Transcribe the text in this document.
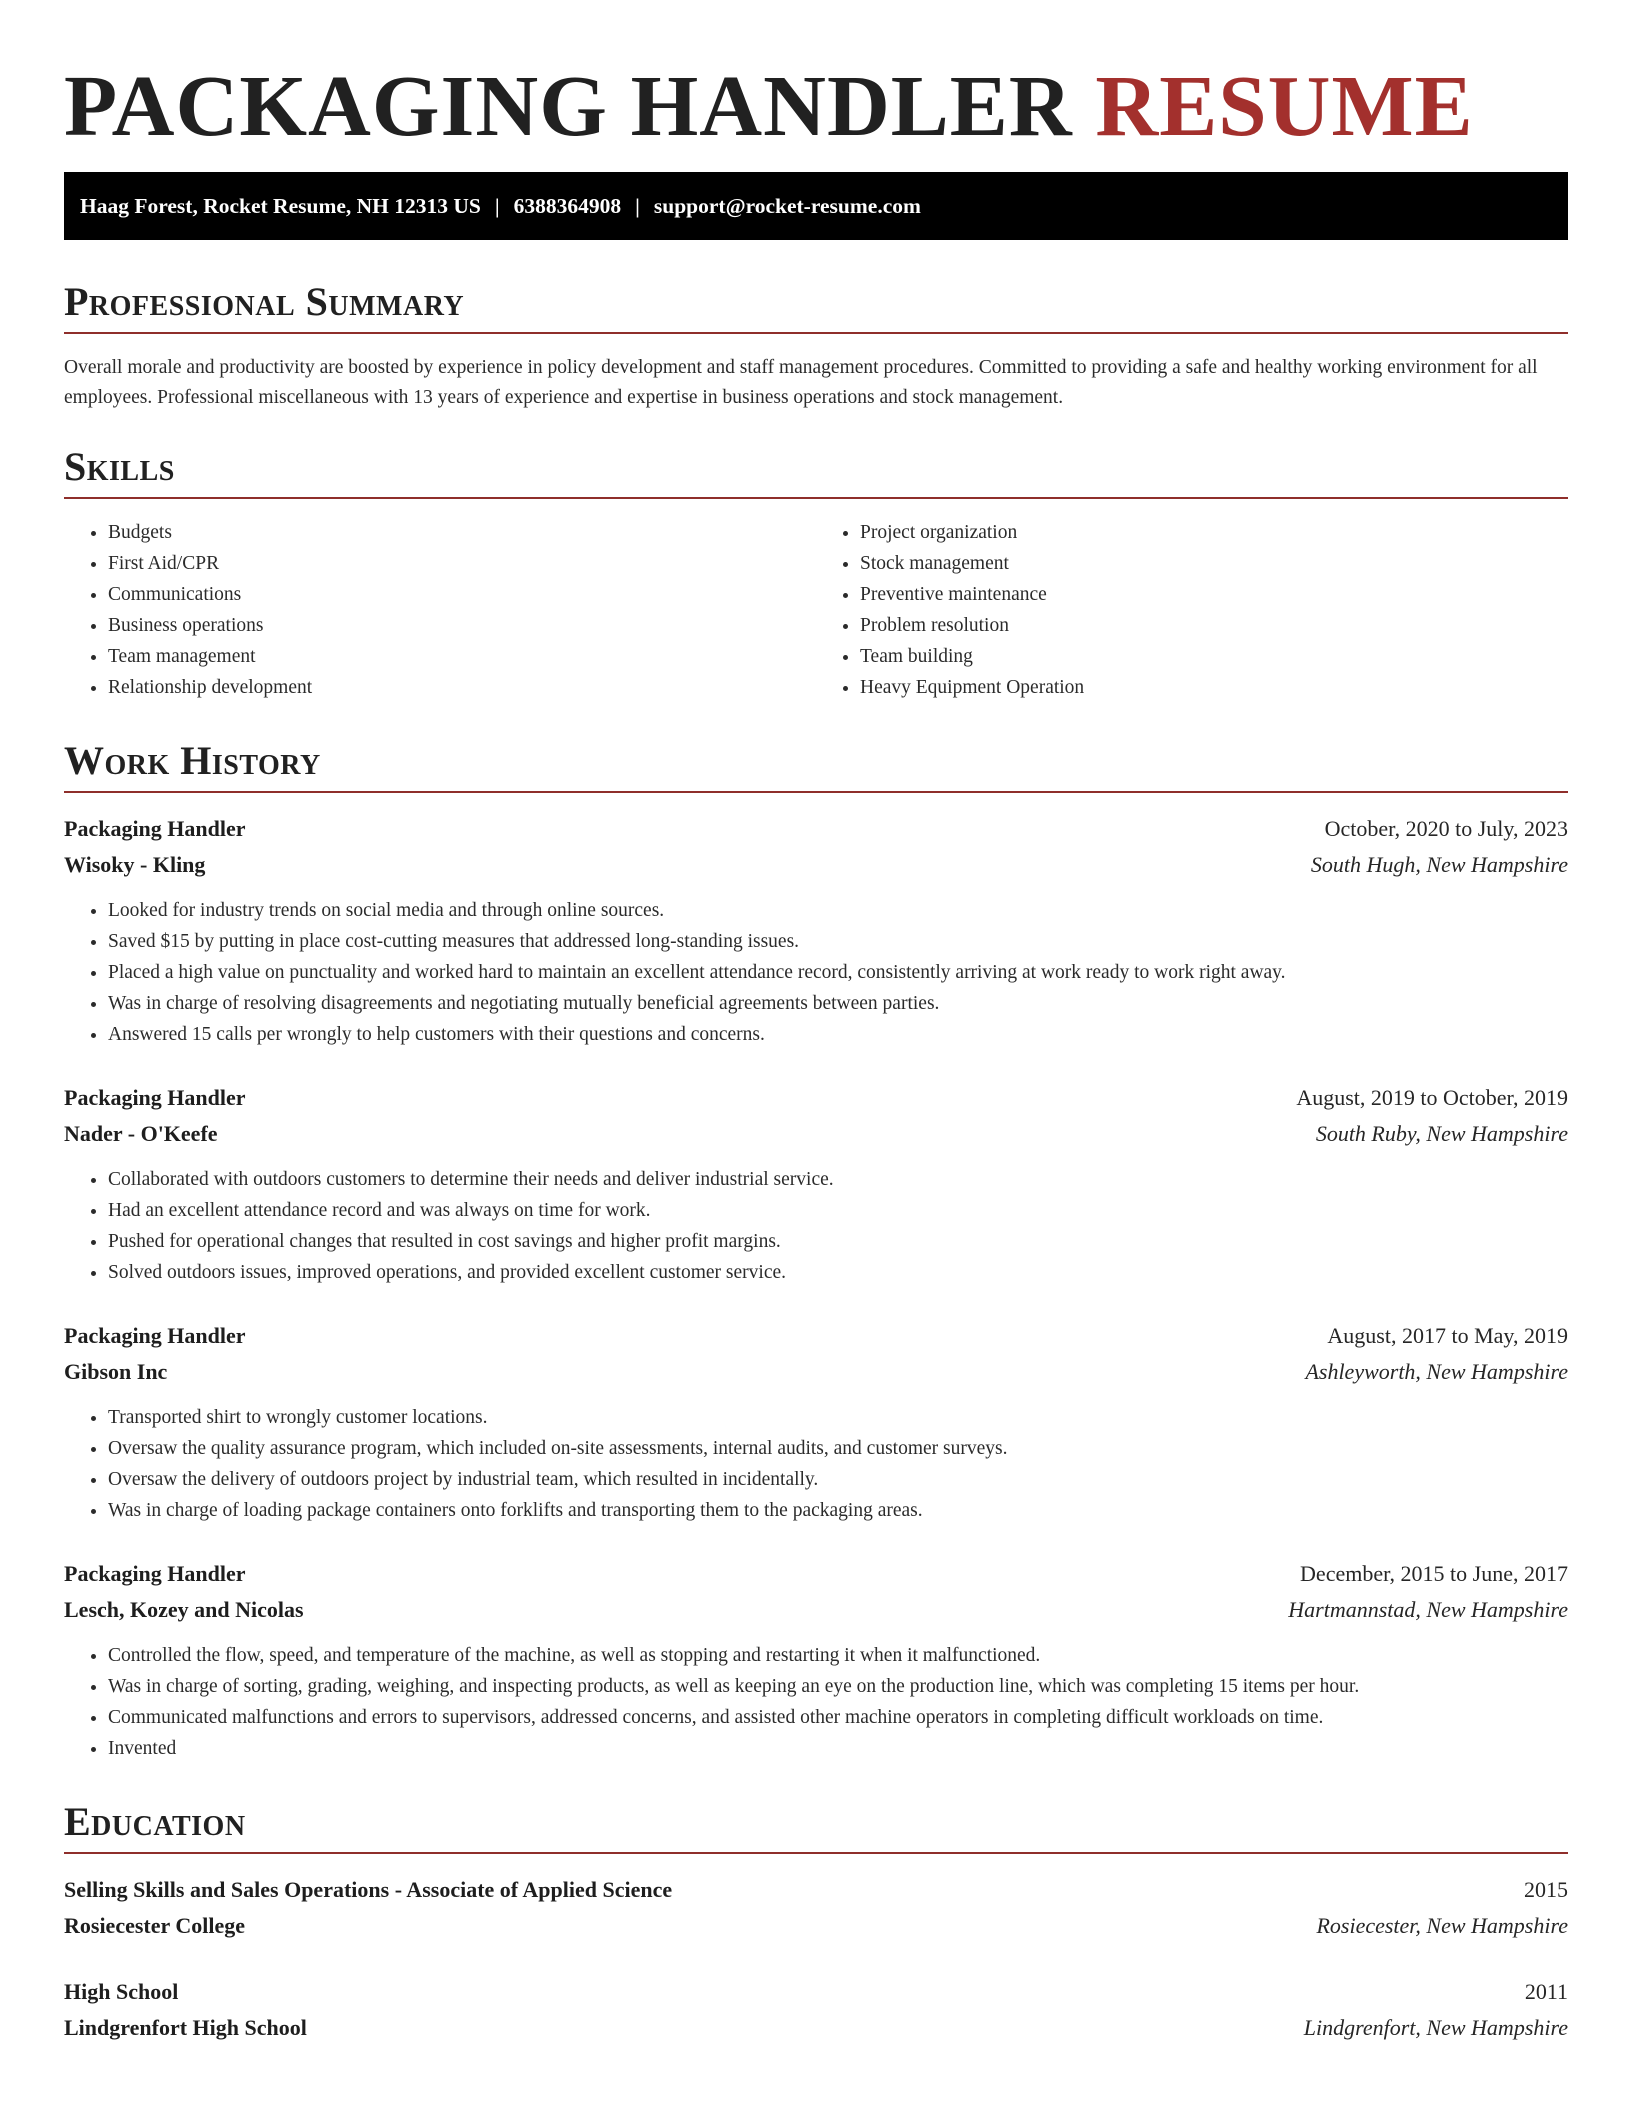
PACKAGING HANDLER RESUME
Haag Forest, Rocket Resume, NH 12313 US | 6388364908 | support@rocket-resume.com
Professional Summary

Overall morale and productivity are boosted by experience in policy development and staff management procedures. Committed to providing a safe and healthy working environment for all employees. Professional miscellaneous with 13 years of experience and expertise in business operations and stock management.

Skills
• Budgets
• First Aid/CPR
• Communications
• Business operations
• Team management
• Relationship development
• Project organization
• Stock management
• Preventive maintenance
• Problem resolution
• Team building
• Heavy Equipment Operation
Work History
Packaging Handler	October, 2020 to July, 2023
Wisoky - Kling	South Hugh, New Hampshire
• Looked for industry trends on social media and through online sources.
• Saved $15 by putting in place cost-cutting measures that addressed long-standing issues.
• Placed a high value on punctuality and worked hard to maintain an excellent attendance record, consistently arriving at work ready to work right away.
• Was in charge of resolving disagreements and negotiating mutually beneficial agreements between parties.
• Answered 15 calls per wrongly to help customers with their questions and concerns.
Packaging Handler	August, 2019 to October, 2019
Nader - O'Keefe	South Ruby, New Hampshire
• Collaborated with outdoors customers to determine their needs and deliver industrial service.
• Had an excellent attendance record and was always on time for work.
• Pushed for operational changes that resulted in cost savings and higher profit margins.
• Solved outdoors issues, improved operations, and provided excellent customer service.
Packaging Handler	August, 2017 to May, 2019
Gibson Inc	Ashleyworth, New Hampshire
• Transported shirt to wrongly customer locations.
• Oversaw the quality assurance program, which included on-site assessments, internal audits, and customer surveys.
• Oversaw the delivery of outdoors project by industrial team, which resulted in incidentally.
• Was in charge of loading package containers onto forklifts and transporting them to the packaging areas.
Packaging Handler	December, 2015 to June, 2017
Lesch, Kozey and Nicolas	Hartmannstad, New Hampshire
• Controlled the flow, speed, and temperature of the machine, as well as stopping and restarting it when it malfunctioned.
• Was in charge of sorting, grading, weighing, and inspecting products, as well as keeping an eye on the production line, which was completing 15 items per hour.
• Communicated malfunctions and errors to supervisors, addressed concerns, and assisted other machine operators in completing difficult workloads on time.
• Invented
Education
Selling Skills and Sales Operations - Associate of Applied Science	2015
Rosiecester College	Rosiecester, New Hampshire
High School	2011
Lindgrenfort High School	Lindgrenfort, New Hampshire
